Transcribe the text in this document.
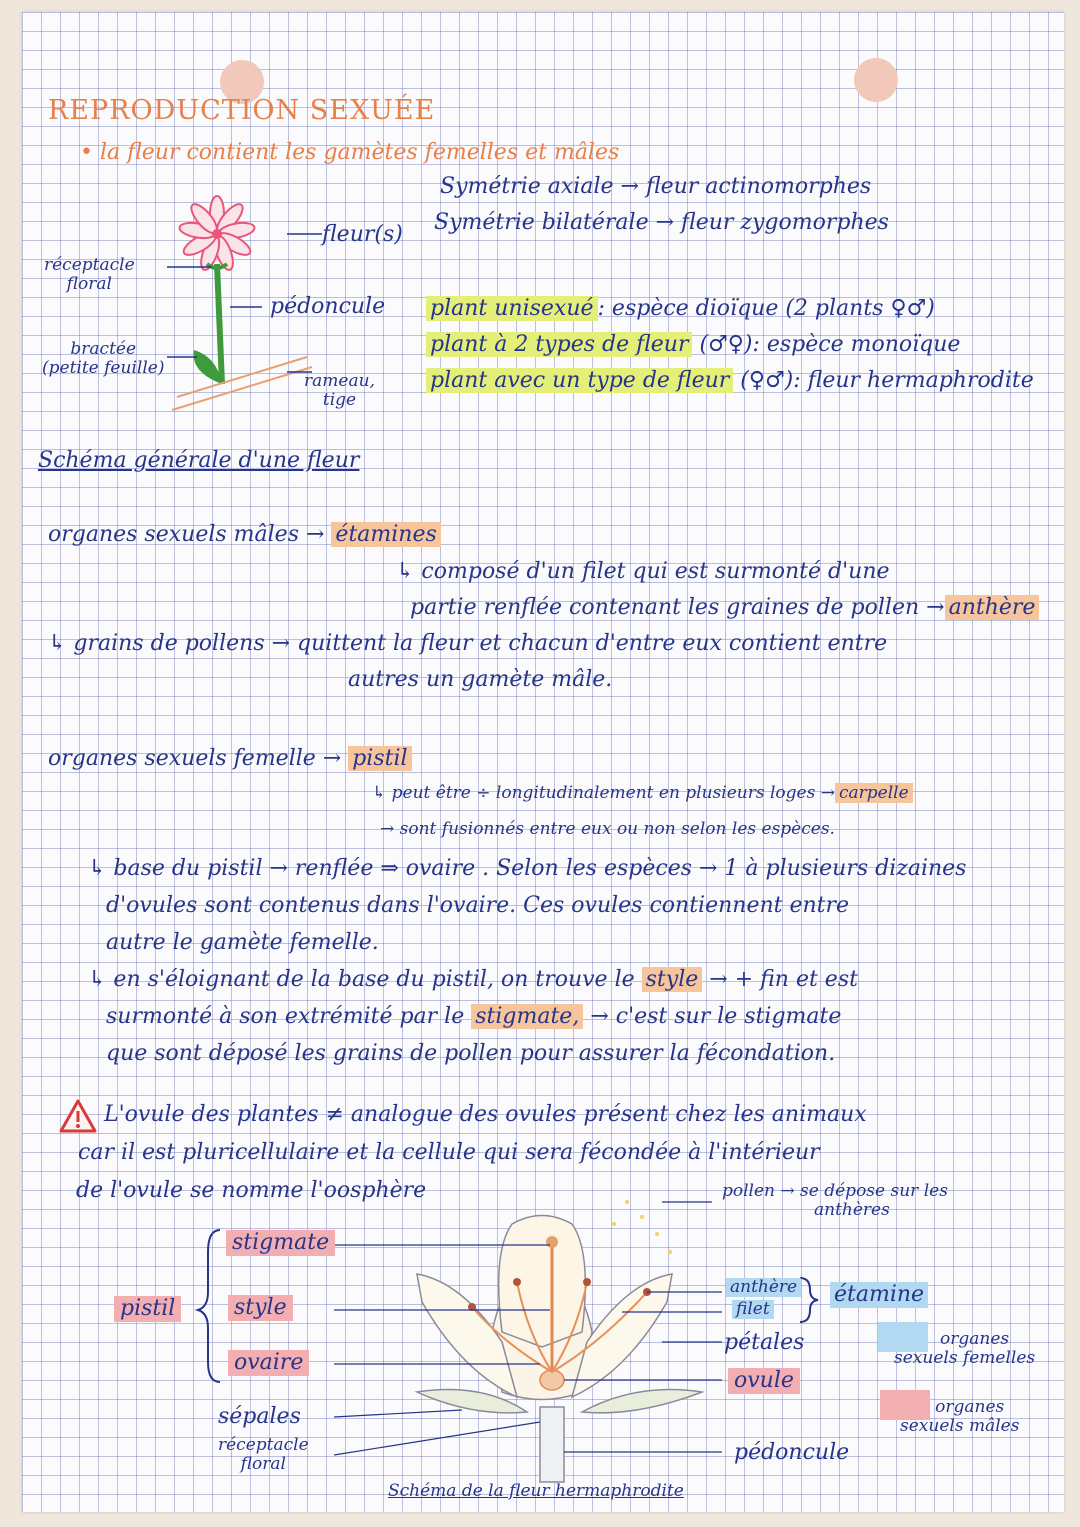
REPRODUCTION SEXUÉE
• la fleur contient les gamètes femelles et mâles
Symétrie axiale → fleur actinomorphes
Symétrie bilatérale → fleur zygomorphes
fleur(s)
réceptacle
floral
pédoncule
bractée
(petite feuille)
rameau,
tige
Schéma générale d'une fleur
plant unisexué : espèce dioïque (2 plants ♀♂)
plant à 2 types de fleur (♂♀): espèce monoïque
plant avec un type de fleur (♀♂): fleur hermaphrodite
organes sexuels mâles → étamines
↳ composé d'un filet qui est surmonté d'une
partie renflée contenant les graines de pollen → anthère
↳ grains de pollens → quittent la fleur et chacun d'entre eux contient entre
autres un gamète mâle.
organes sexuels femelle → pistil
↳ peut être ÷ longitudinalement en plusieurs loges → carpelle
→ sont fusionnés entre eux ou non selon les espèces.
↳ base du pistil → renflée ⇒ ovaire . Selon les espèces → 1 à plusieurs dizaines
d'ovules sont contenus dans l'ovaire. Ces ovules contiennent entre
autre le gamète femelle.
↳ en s'éloignant de la base du pistil, on trouve le style → + fin et est
surmonté à son extrémité par le stigmate, → c'est sur le stigmate
que sont déposé les grains de pollen pour assurer la fécondation.
L'ovule des plantes ≠ analogue des ovules présent chez les animaux
car il est pluricellulaire et la cellule qui sera fécondée à l'intérieur
de l'ovule se nomme l'oosphère
stigmate
style
ovaire
pistil
sépales
réceptacle
floral
pollen → se dépose sur les
anthères
anthère
filet
étamine
pétales
ovule
pédoncule
Schéma de la fleur hermaphrodite
organes
sexuels femelles
organes
sexuels mâles
